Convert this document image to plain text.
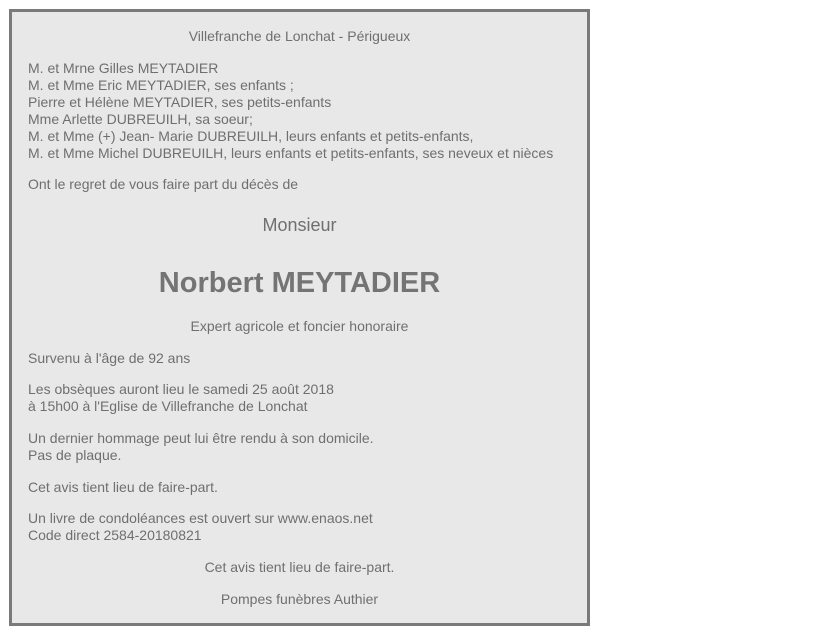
Villefranche de Lonchat - Périgueux
M. et Mrne Gilles MEYTADIER
M. et Mme Eric MEYTADIER, ses enfants ;
Pierre et Hélène MEYTADIER, ses petits-enfants
Mme Arlette DUBREUILH, sa soeur;
M. et Mme (+) Jean- Marie DUBREUILH, leurs enfants et petits-enfants,
M. et Mme Michel DUBREUILH, leurs enfants et petits-enfants, ses neveux et nièces
Ont le regret de vous faire part du décès de
Monsieur
Norbert MEYTADIER
Expert agricole et foncier honoraire
Survenu à l'âge de 92 ans
Les obsèques auront lieu le samedi 25 août 2018
à 15h00 à l'Eglise de Villefranche de Lonchat
Un dernier hommage peut lui être rendu à son domicile.
Pas de plaque.
Cet avis tient lieu de faire-part.
Un livre de condoléances est ouvert sur www.enaos.net
Code direct 2584-20180821
Cet avis tient lieu de faire-part.
Pompes funèbres Authier
